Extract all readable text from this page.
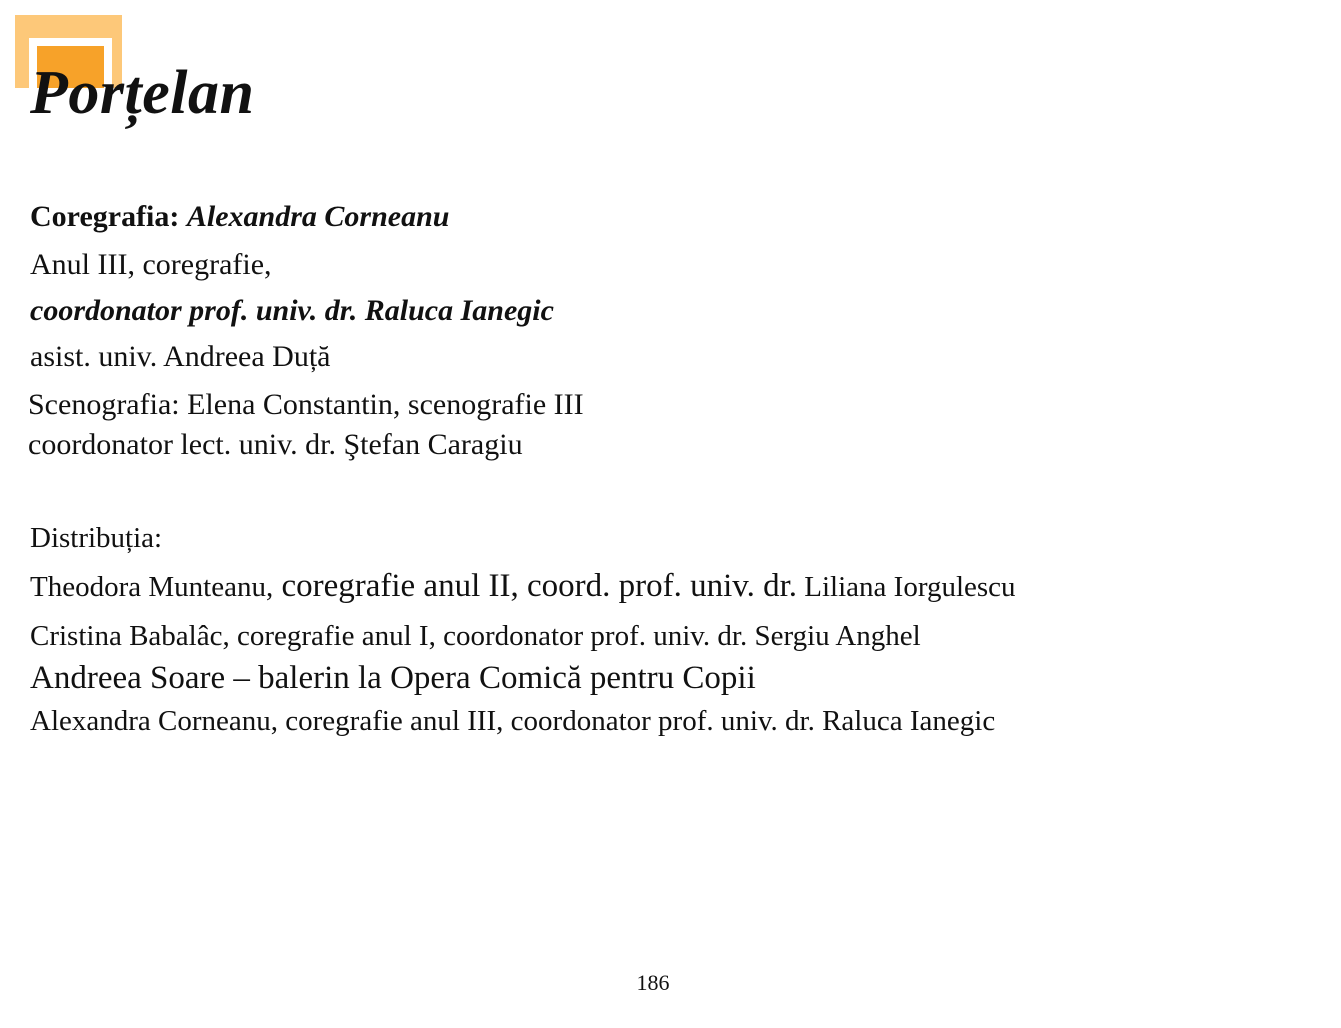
Porțelan
Coregrafia: Alexandra Corneanu
Anul III, coregrafie,
coordonator prof. univ. dr. Raluca Ianegic
asist. univ. Andreea Duță
Scenografia: Elena Constantin, scenografie III
coordonator lect. univ. dr. Ştefan Caragiu
Distribuția:
Theodora Munteanu, coregrafie anul II, coord. prof. univ. dr. Liliana Iorgulescu
Cristina Babalâc, coregrafie anul I, coordonator prof. univ. dr. Sergiu Anghel
Andreea Soare – balerin la Opera Comică pentru Copii
Alexandra Corneanu, coregrafie anul III, coordonator prof. univ. dr. Raluca Ianegic
186
